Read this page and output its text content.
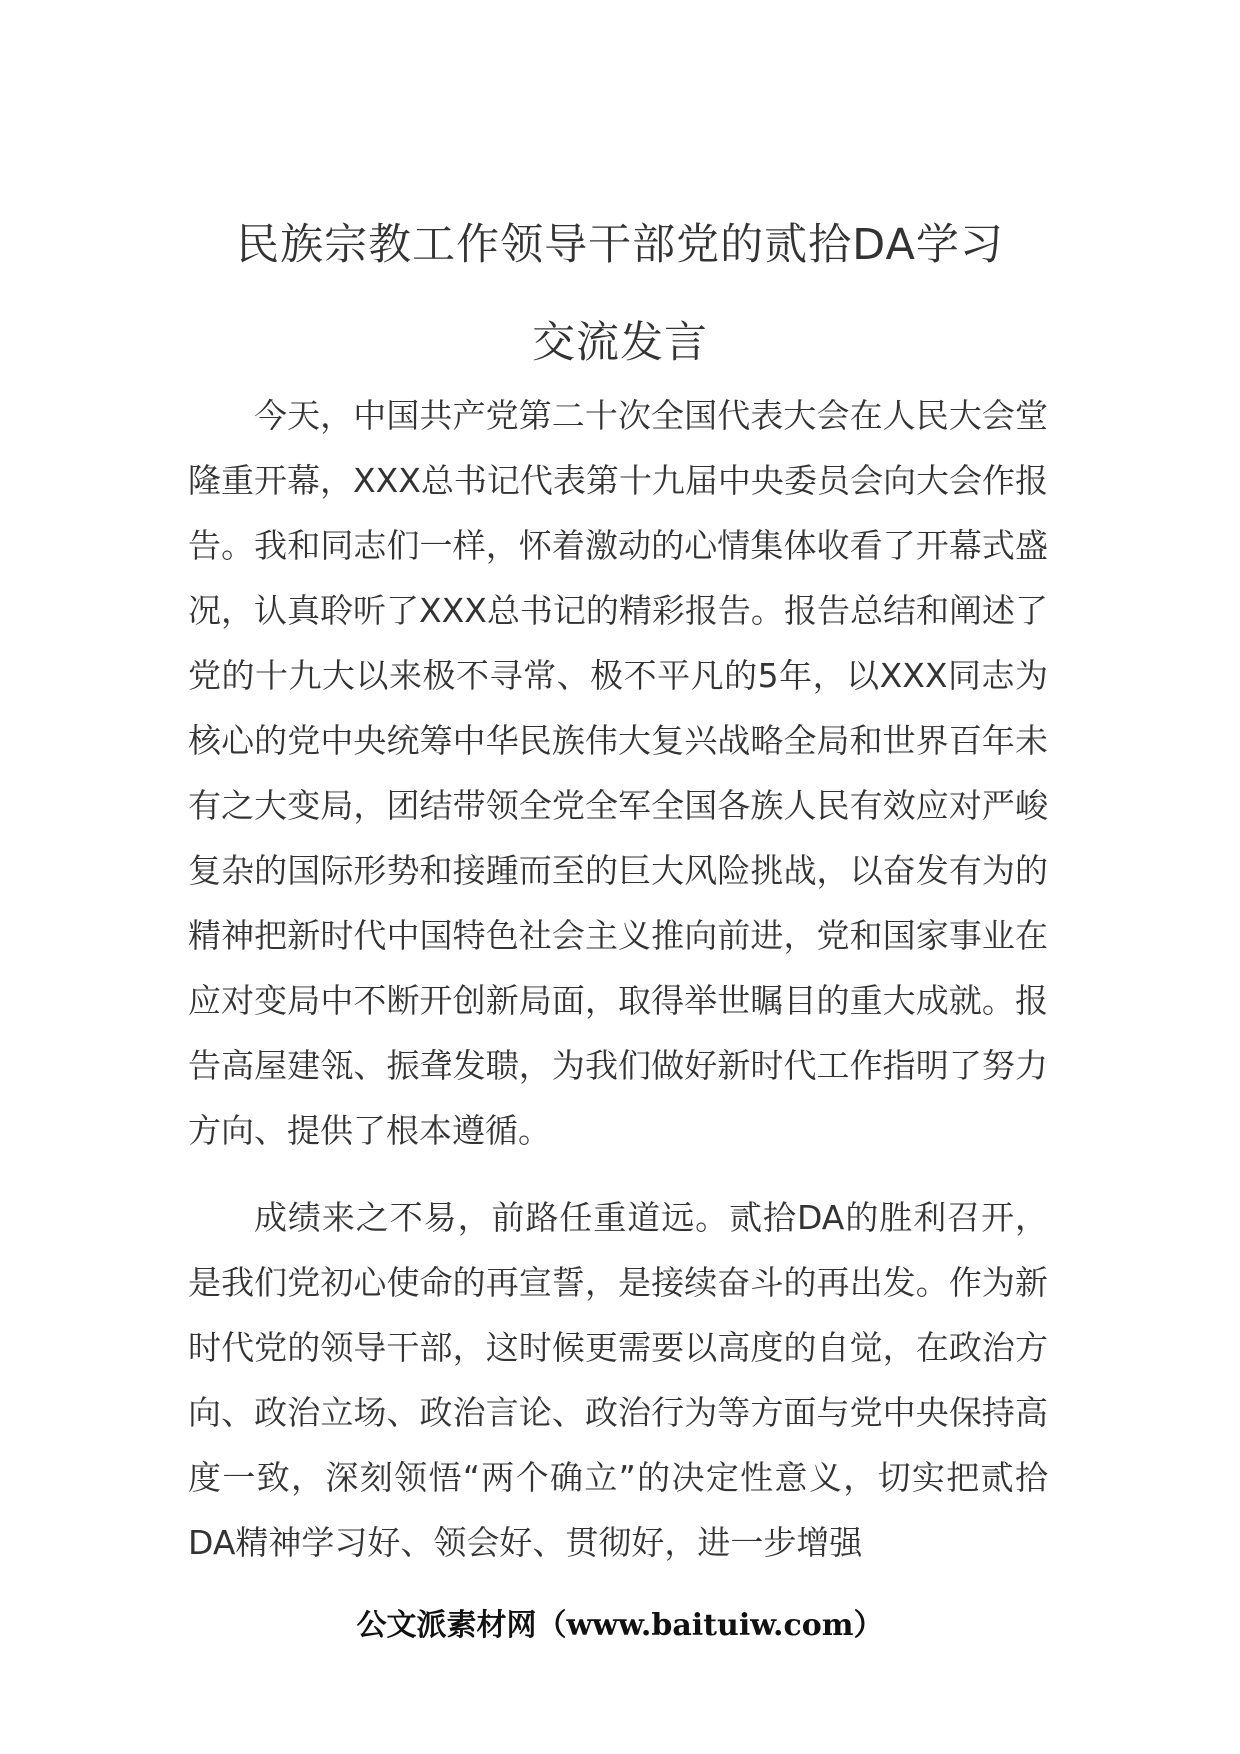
民族宗教工作领导干部党的贰拾DA学习
交流发言

今天，中国共产党第二十次全国代表大会在人民大会堂隆重开幕，XXX总书记代表第十九届中央委员会向大会作报告。我和同志们一样，怀着激动的心情集体收看了开幕式盛况，认真聆听了XXX总书记的精彩报告。报告总结和阐述了党的十九大以来极不寻常、极不平凡的5年，以XXX同志为核心的党中央统筹中华民族伟大复兴战略全局和世界百年未有之大变局，团结带领全党全军全国各族人民有效应对严峻复杂的国际形势和接踵而至的巨大风险挑战，以奋发有为的精神把新时代中国特色社会主义推向前进，党和国家事业在应对变局中不断开创新局面，取得举世瞩目的重大成就。报告高屋建瓴、振聋发聩，为我们做好新时代工作指明了努力方向、提供了根本遵循。

成绩来之不易，前路任重道远。贰拾DA的胜利召开，是我们党初心使命的再宣誓，是接续奋斗的再出发。作为新时代党的领导干部，这时候更需要以高度的自觉，在政治方向、政治立场、政治言论、政治行为等方面与党中央保持高度一致，深刻领悟“两个确立”的决定性意义，切实把贰拾DA精神学习好、领会好、贯彻好，进一步增强

公文派素材网（www.baituiw.com）
